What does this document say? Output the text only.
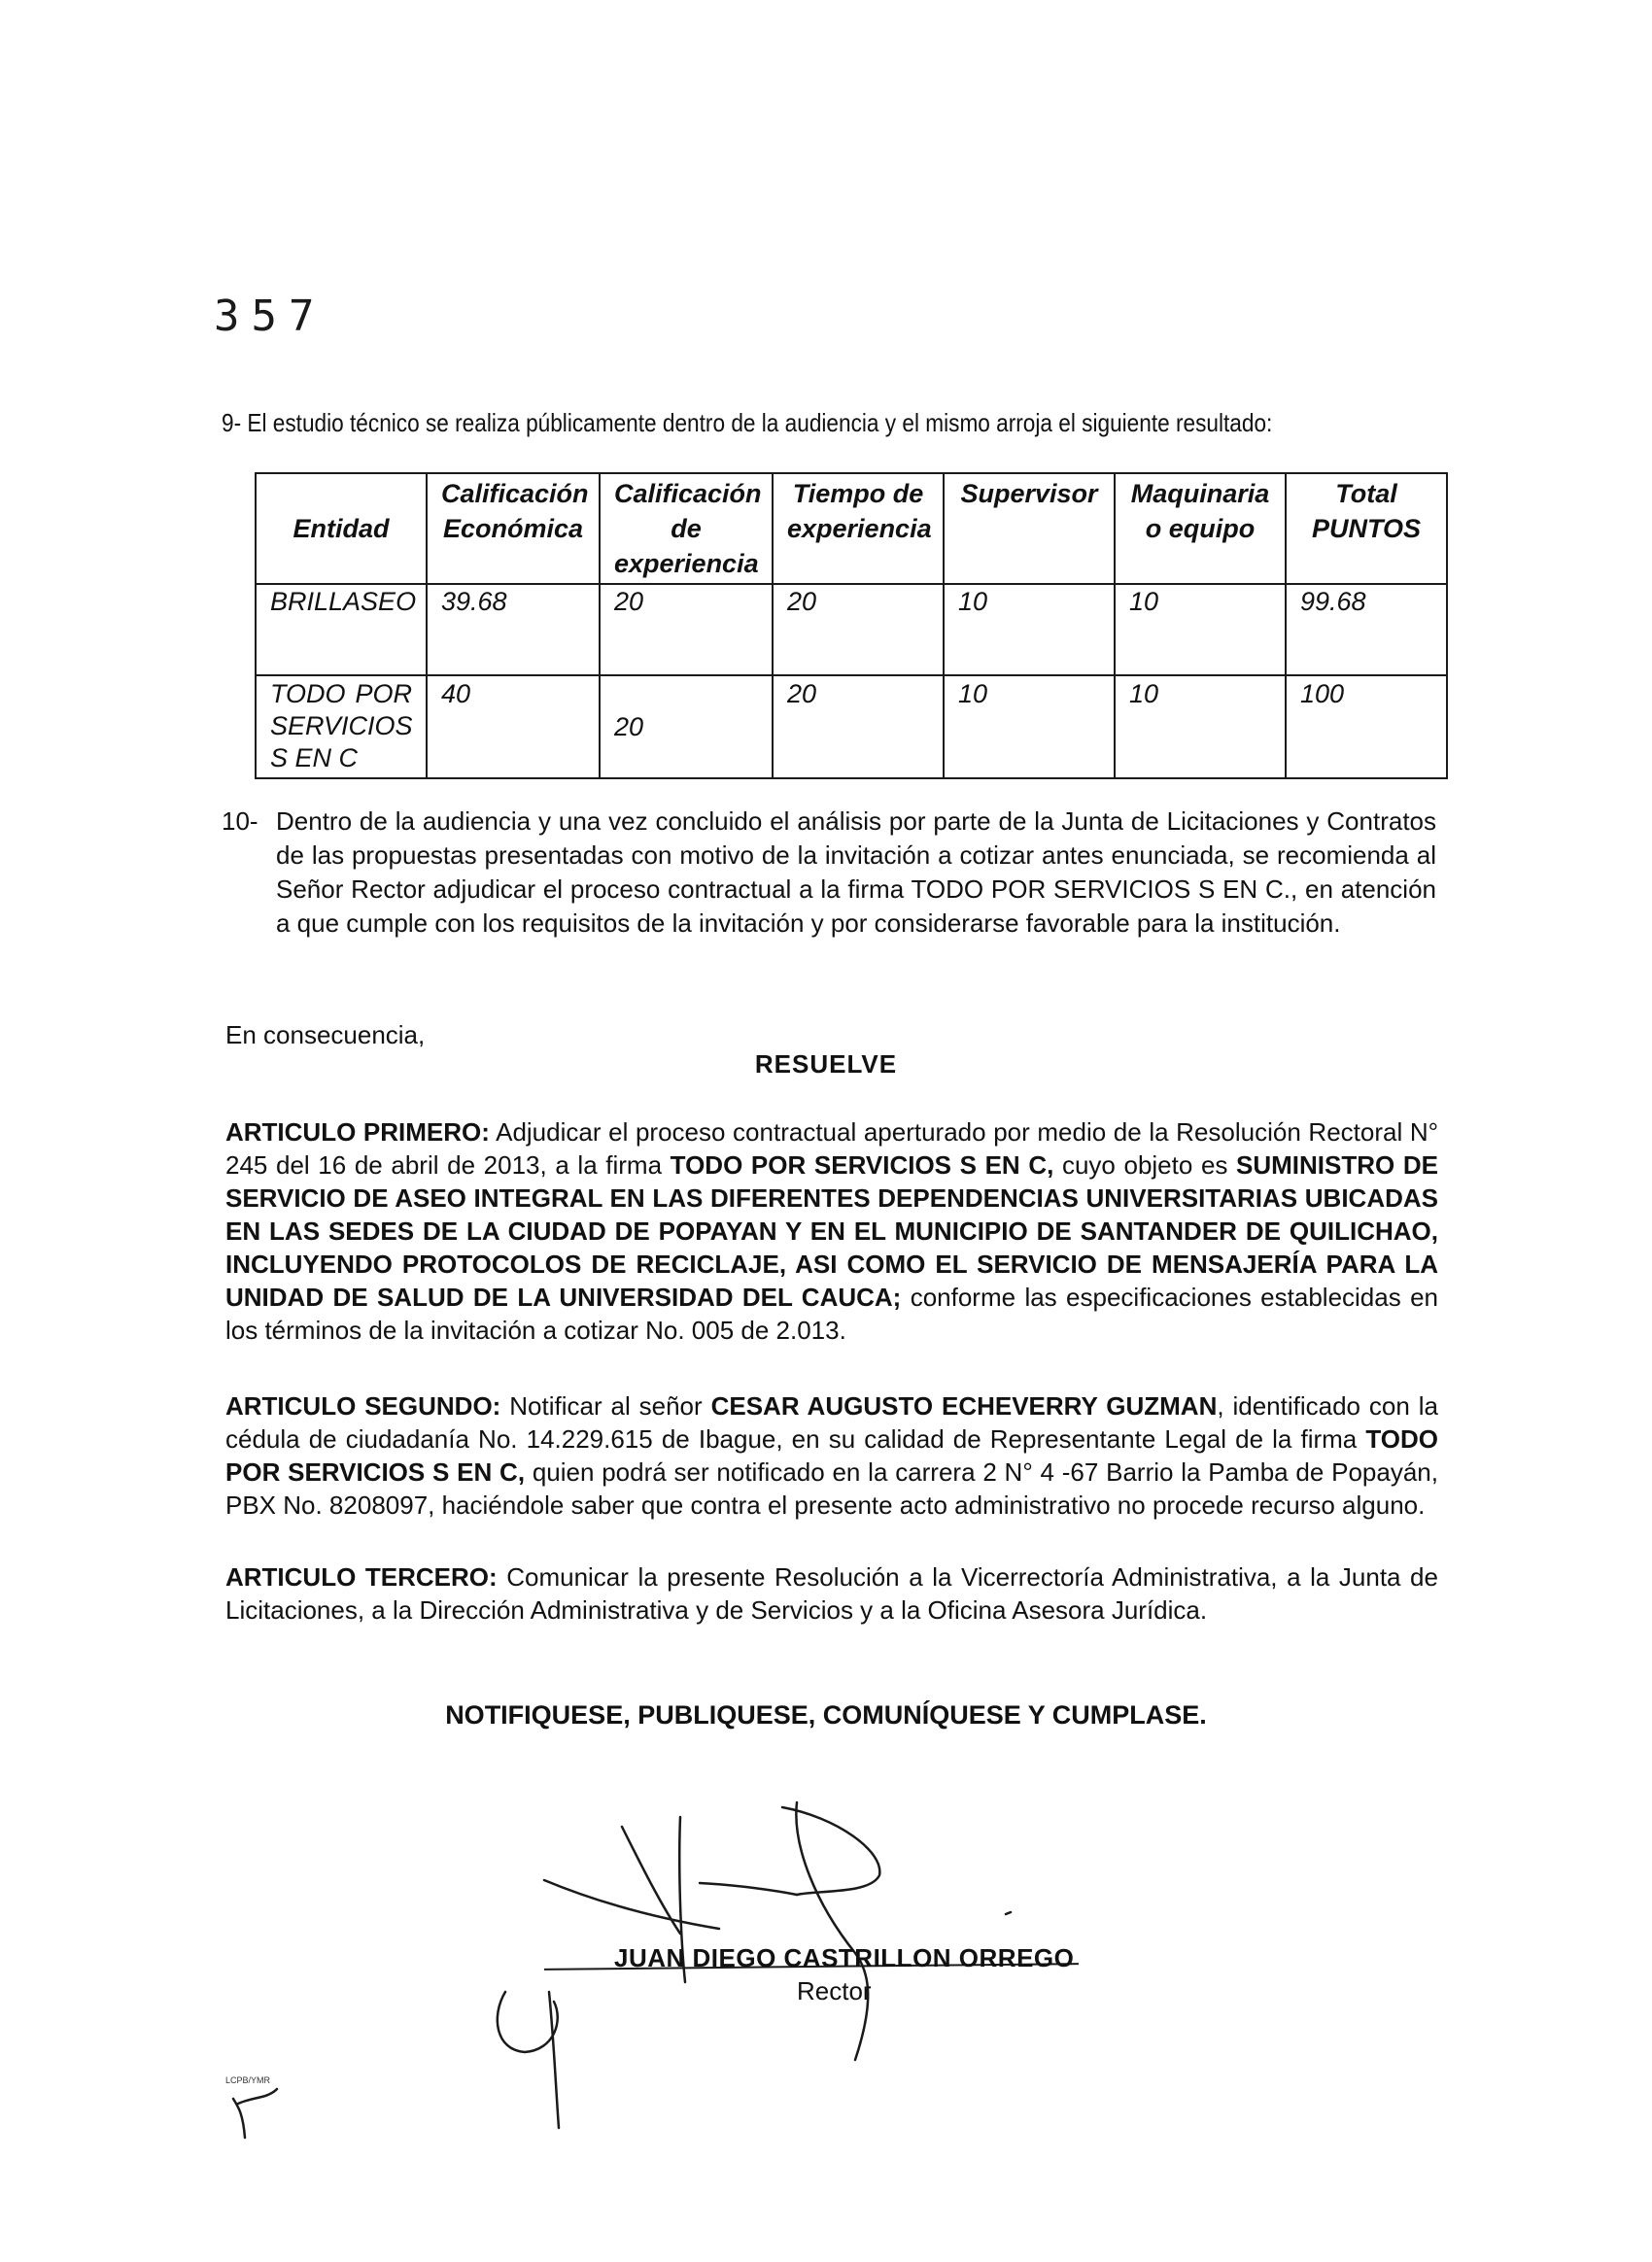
357
9- El estudio técnico se realiza públicamente dentro de la audiencia y el mismo arroja el siguiente resultado:
Entidad	Calificación Económica	Calificación de experiencia	Tiempo de experiencia	Supervisor	Maquinaria o equipo	Total PUNTOS
BRILLASEO	39.68	20	20	10	10	99.68
TODO POR SERVICIOS S EN C	40	20	20	10	10	100
10- Dentro de la audiencia y una vez concluido el análisis por parte de la Junta de Licitaciones y Contratos de las propuestas presentadas con motivo de la invitación a cotizar antes enunciada, se recomienda al Señor Rector adjudicar el proceso contractual a la firma TODO POR SERVICIOS S EN C., en atención a que cumple con los requisitos de la invitación y por considerarse favorable para la institución.
En consecuencia,
RESUELVE
ARTICULO PRIMERO: Adjudicar el proceso contractual aperturado por medio de la Resolución Rectoral N° 245 del 16 de abril de 2013, a la firma TODO POR SERVICIOS S EN C, cuyo objeto es SUMINISTRO DE SERVICIO DE ASEO INTEGRAL EN LAS DIFERENTES DEPENDENCIAS UNIVERSITARIAS UBICADAS EN LAS SEDES DE LA CIUDAD DE POPAYAN Y EN EL MUNICIPIO DE SANTANDER DE QUILICHAO, INCLUYENDO PROTOCOLOS DE RECICLAJE, ASI COMO EL SERVICIO DE MENSAJERÍA PARA LA UNIDAD DE SALUD DE LA UNIVERSIDAD DEL CAUCA; conforme las especificaciones establecidas en los términos de la invitación a cotizar No. 005 de 2.013.
ARTICULO SEGUNDO: Notificar al señor CESAR AUGUSTO ECHEVERRY GUZMAN, identificado con la cédula de ciudadanía No. 14.229.615 de Ibague, en su calidad de Representante Legal de la firma TODO POR SERVICIOS S EN C, quien podrá ser notificado en la carrera 2 N° 4 -67 Barrio la Pamba de Popayán, PBX No. 8208097, haciéndole saber que contra el presente acto administrativo no procede recurso alguno.
ARTICULO TERCERO: Comunicar la presente Resolución a la Vicerrectoría Administrativa, a la Junta de Licitaciones, a la Dirección Administrativa y de Servicios y a la Oficina Asesora Jurídica.
NOTIFIQUESE, PUBLIQUESE, COMUNÍQUESE Y CUMPLASE.
JUAN DIEGO CASTRILLON ORREGO
Rector
LCPB/YMR
